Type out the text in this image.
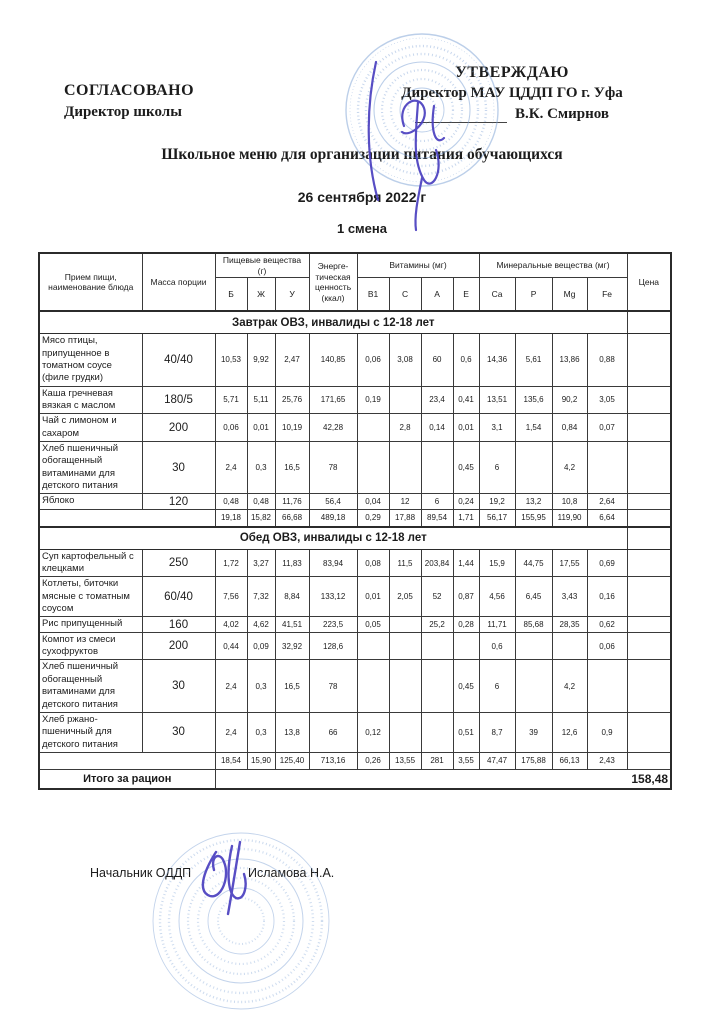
СОГЛАСОВАНО
Директор школы
УТВЕРЖДАЮ
Директор МАУ ЦДДП ГО г. Уфа
В.К. Смирнов
Школьное меню для организации питания обучающихся
26 сентября 2022 г
1 смена
Прием пищи, наименование блюда	Масса порции	Пищевые вещества (г)			Энерге-тическая ценность (ккал)	Витамины (мг)				Минеральные вещества (мг)				Цена
		Б	Ж	У		B1	C	A	E	Ca	P	Mg	Fe	
Завтрак ОВЗ, инвалиды с 12-18 лет														
Мясо птицы, припущенное в томатном соусе (филе грудки)	40/40	10,53	9,92	2,47	140,85	0,06	3,08	60	0,6	14,36	5,61	13,86	0,88	
Каша гречневая вязкая с маслом	180/5	5,71	5,11	25,76	171,65	0,19		23,4	0,41	13,51	135,6	90,2	3,05	
Чай с лимоном и сахаром	200	0,06	0,01	10,19	42,28		2,8	0,14	0,01	3,1	1,54	0,84	0,07	
Хлеб пшеничный обогащенный витаминами для детского питания	30	2,4	0,3	16,5	78				0,45	6		4,2		
Яблоко	120	0,48	0,48	11,76	56,4	0,04	12	6	0,24	19,2	13,2	10,8	2,64	
		19,18	15,82	66,68	489,18	0,29	17,88	89,54	1,71	56,17	155,95	119,90	6,64	
Обед ОВЗ, инвалиды с 12-18 лет														
Суп картофельный с клецками	250	1,72	3,27	11,83	83,94	0,08	11,5	203,84	1,44	15,9	44,75	17,55	0,69	
Котлеты, биточки мясные с томатным соусом	60/40	7,56	7,32	8,84	133,12	0,01	2,05	52	0,87	4,56	6,45	3,43	0,16	
Рис припущенный	160	4,02	4,62	41,51	223,5	0,05		25,2	0,28	11,71	85,68	28,35	0,62	
Компот из смеси сухофруктов	200	0,44	0,09	32,92	128,6					0,6			0,06	
Хлеб пшеничный обогащенный витаминами для детского питания	30	2,4	0,3	16,5	78				0,45	6		4,2		
Хлеб ржано-пшеничный для детского питания	30	2,4	0,3	13,8	66	0,12			0,51	8,7	39	12,6	0,9	
		18,54	15,90	125,40	713,16	0,26	13,55	281	3,55	47,47	175,88	66,13	2,43	
Итого за рацион		158,48												
Начальник ОДДП	Исламова Н.А.
